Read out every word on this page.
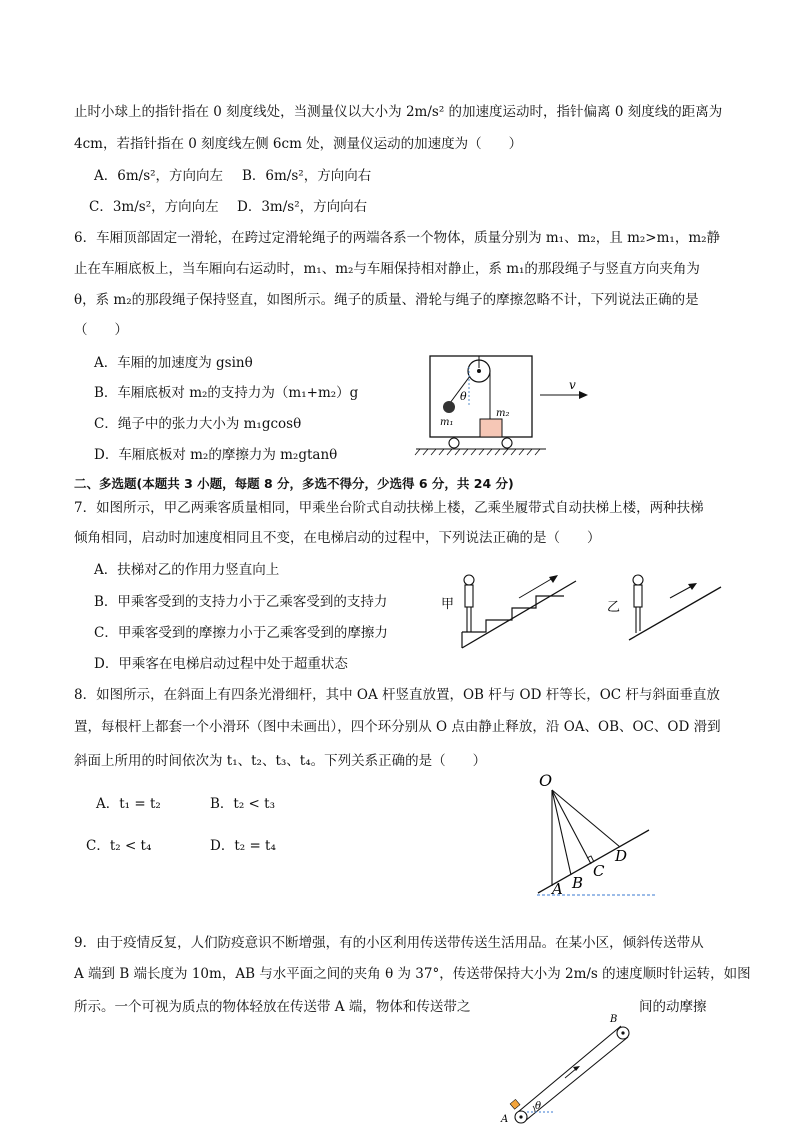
止时小球上的指针指在 0 刻度线处，当测量仪以大小为 2m/s² 的加速度运动时，指针偏离 0 刻度线的距离为
4cm，若指针指在 0 刻度线左侧 6cm 处，测量仪运动的加速度为（　　）
A．6m/s²，方向向左 B．6m/s²，方向向右
C．3m/s²，方向向左 D．3m/s²，方向向右
6．车厢顶部固定一滑轮，在跨过定滑轮绳子的两端各系一个物体，质量分别为 m₁、m₂，且 m₂>m₁，m₂静
止在车厢底板上，当车厢向右运动时，m₁、m₂与车厢保持相对静止，系 m₁的那段绳子与竖直方向夹角为
θ，系 m₂的那段绳子保持竖直，如图所示。绳子的质量、滑轮与绳子的摩擦忽略不计，下列说法正确的是
（　　）
A．车厢的加速度为 gsinθ
B．车厢底板对 m₂的支持力为（m₁+m₂）g
C．绳子中的张力大小为 m₁gcosθ
D．车厢底板对 m₂的摩擦力为 m₂gtanθ
θ
m₁
m₂
v
二、多选题(本题共 3 小题，每题 8 分，多选不得分，少选得 6 分，共 24 分)
7．如图所示，甲乙两乘客质量相同，甲乘坐台阶式自动扶梯上楼，乙乘坐履带式自动扶梯上楼，两种扶梯
倾角相同，启动时加速度相同且不变，在电梯启动的过程中，下列说法正确的是（　　）
A．扶梯对乙的作用力竖直向上
B．甲乘客受到的支持力小于乙乘客受到的支持力
C．甲乘客受到的摩擦力小于乙乘客受到的摩擦力
D．甲乘客在电梯启动过程中处于超重状态
甲	乙
8．如图所示，在斜面上有四条光滑细杆，其中 OA 杆竖直放置，OB 杆与 OD 杆等长，OC 杆与斜面垂直放
置，每根杆上都套一个小滑环（图中未画出），四个环分别从 O 点由静止释放，沿 OA、OB、OC、OD 滑到
斜面上所用的时间依次为 t₁、t₂、t₃、t₄。下列关系正确的是（　　）
A．t₁ = t₂	B．t₂ < t₃
C．t₂ < t₄	D．t₂ = t₄
O
A B
C
D
9．由于疫情反复，人们防疫意识不断增强，有的小区利用传送带传送生活用品。在某小区，倾斜传送带从
A 端到 B 端长度为 10m，AB 与水平面之间的夹角 θ 为 37°，传送带保持大小为 2m/s 的速度顺时针运转，如图
所示。一个可视为质点的物体轻放在传送带 A 端，物体和传送带之	间的动摩擦
θ
A
B
